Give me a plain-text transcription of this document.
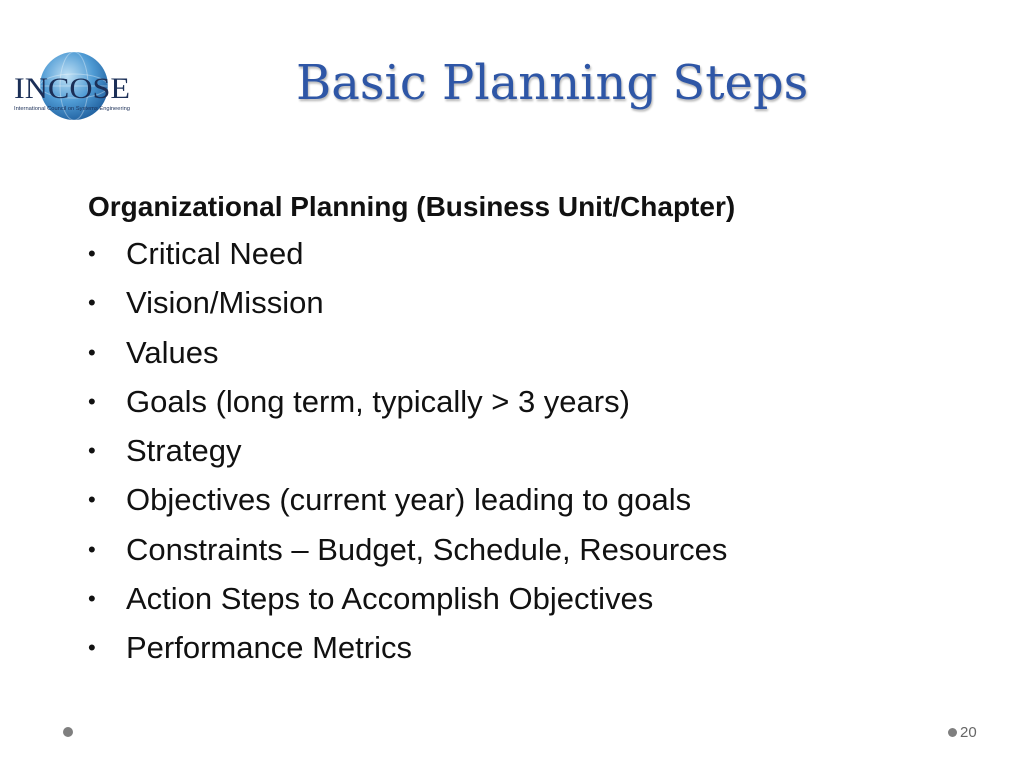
INCOSE
International Council on Systems Engineering	Basic Planning Steps
Organizational Planning (Business Unit/Chapter)
• Critical Need
• Vision/Mission
• Values
• Goals (long term, typically > 3 years)
• Strategy
• Objectives (current year) leading to goals
• Constraints – Budget, Schedule, Resources
• Action Steps to Accomplish Objectives
• Performance Metrics
20
